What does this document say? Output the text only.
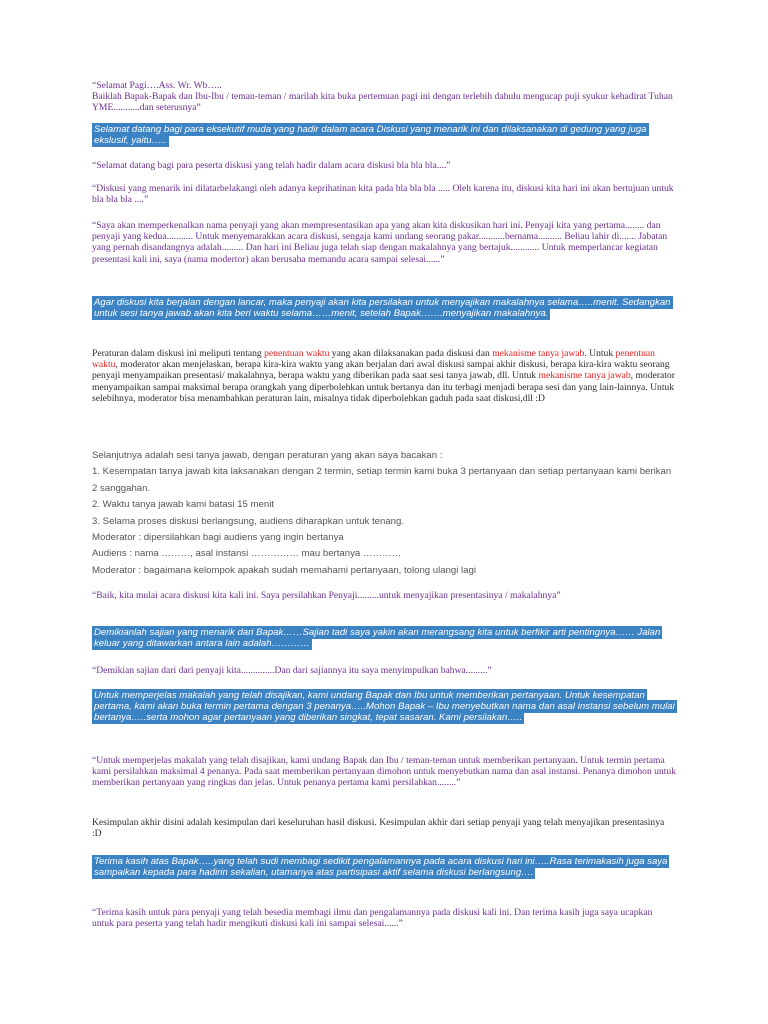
“Selamat Pagi….Ass. Wr. Wb…..
Baiklah Bapak-Bapak dan Ibu-Ibu / teman-teman / marilah kita buka pertemuan pagi ini dengan terlebih dahulu mengucap puji syukur kehadirat Tuhan YME...........dan seterusnya”

Selamat datang bagi para eksekutif muda yang hadir dalam acara Diskusi yang menarik ini dan dilaksanakan di gedung yang juga ekslusif, yaitu…..

“Selamat datang bagi para peserta diskusi yang telah hadir dalam acara diskusi bla bla bla....”

“Diskusi yang menarik ini dilatarbelakangi oleh adanya keprihatinan kita pada bla bla bla ..... Oleh karena itu, diskusi kita hari ini akan bertujuan untuk bla bla bla ....”

“Saya akan memperkenalkan nama penyaji yang akan mempresentasikan apa yang akan kita diskusikan hari ini. Penyaji kita yang pertama........ dan penyaji yang kedua........... Untuk menyemarakkan acara diskusi, sengaja kami undang seorang pakar...........bernama.......... Beliau lahir di....... Jabatan yang pernah disandangnya adalah......... Dan hari ini Beliau juga telah siap dengan makalahnya yang bertajuk............ Untuk memperlancar kegiatan presentasi kali ini, saya (nama modertor) akan berusaha memandu acara sampai selesai......”

Agar diskusi kita berjalan dengan lancar, maka penyaji akan kita persilakan untuk menyajikan makalahnya selama…..menit. Sedangkan untuk sesi tanya jawab akan kita beri waktu selama……menit, setelah Bapak…….menyajikan makalahnya.

Peraturan dalam diskusi ini meliputi tentang penentuan waktu yang akan dilaksanakan pada diskusi dan mekanisme tanya jawab. Untuk penentuan waktu, moderator akan menjelaskan, berapa kira-kira waktu yang akan berjalan dari awal diskusi sampai akhir diskusi, berapa kira-kira waktu seorang penyaji menyampaikan presentasi/ makalahnya, berapa waktu yang diberikan pada saat sesi tanya jawab, dll. Untuk mekanisme tanya jawab, moderator menyampaikan sampai maksimal berapa orangkah yang diperbolehkan untuk bertanya dan itu terbagi menjadi berapa sesi dan yang lain-lainnya. Untuk selebihnya, moderator bisa menambahkan peraturan lain, misalnya tidak diperbolehkan gaduh pada saat diskusi,dll :D

Selanjutnya adalah sesi tanya jawab, dengan peraturan yang akan saya bacakan :
1. Kesempatan tanya jawab kita laksanakan dengan 2 termin, setiap termin kami buka 3 pertanyaan dan setiap pertanyaan kami berikan 2 sanggahan.
2. Waktu tanya jawab kami batasi 15 menit
3. Selama proses diskusi berlangsung, audiens diharapkan untuk tenang.
Moderator : dipersilahkan bagi audiens yang ingin bertanya
Audiens : nama ………, asal instansi …………… mau bertanya …………
Moderator : bagaimana kelompok apakah sudah memahami pertanyaan, tolong ulangi lagi

“Baik, kita mulai acara diskusi kita kali ini. Saya persilahkan Penyaji.........untuk menyajikan presentasinya / makalahnya”

Demikianlah sajian yang menarik dari Bapak……Sajian tadi saya yakin akan merangsang kita untuk berfikir arti pentingnya…… Jalan keluar yang ditawarkan antara lain adalah…………

“Demikian sajian dari dari penyaji kita..............Dan dari sajiannya itu saya menyimpulkan bahwa.........”

Untuk memperjelas makalah yang telah disajikan, kami undang Bapak dan Ibu untuk memberikan pertanyaan. Untuk kesempatan pertama, kami akan buka termin pertama dengan 3 penanya…..Mohon Bapak – Ibu menyebutkan nama dan asal instansi sebelum mulai bertanya…..serta mohon agar pertanyaan yang diberikan singkat, tepat sasaran. Kami persilakan…..

“Untuk memperjelas makalah yang telah disajikan, kami undang Bapak dan Ibu / teman-teman untuk memberikan pertanyaan. Untuk termin pertama kami persilahkan maksimal 4 penanya. Pada saat memberikan pertanyaan dimohon untuk menyebutkan nama dan asal instansi. Penanya dimohon untuk memberikan pertanyaan yang ringkas dan jelas. Untuk penanya pertama kami persilahkan........”

Kesimpulan akhir disini adalah kesimpulan dari keseluruhan hasil diskusi. Kesimpulan akhir dari setiap penyaji yang telah menyajikan presentasinya :D

Terima kasih atas Bapak…..yang telah sudi membagi sedikit pengalamannya pada acara diskusi hari ini…..Rasa terimakasih juga saya sampaikan kepada para hadirin sekalian, utamanya atas partisipasi aktif selama diskusi berlangsung….

“Terima kasih untuk para penyaji yang telah besedia membagi ilmu dan pengalamannya pada diskusi kali ini. Dan terima kasih juga saya ucapkan untuk para peserta yang telah hadir mengikuti diskusi kali ini sampai selesai......”
